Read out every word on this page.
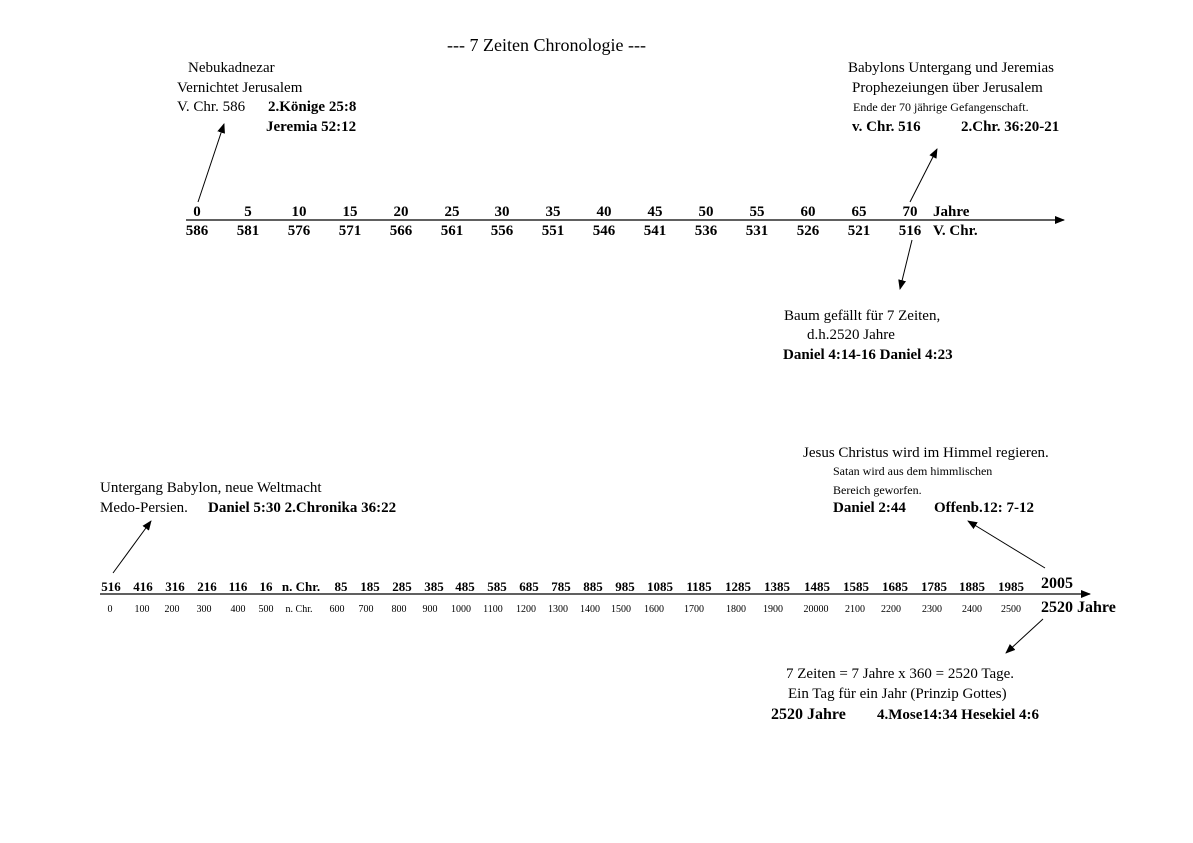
--- 7 Zeiten Chronologie ---
Nebukadnezar
Vernichtet Jerusalem
V. Chr. 586 2.Könige 25:8
Jeremia 52:12
Babylons Untergang und Jeremias
Prophezeiungen über Jerusalem
Ende der 70 jährige Gefangenschaft.
v. Chr. 516	2.Chr. 36:20-21
0	5	10 15 20 25 30 35 40 45 50 55 60 65 70
586 581 576 571 566 561 556 551 546 541 536 531 526 521 516
Jahre
V. Chr.
Baum gefällt für 7 Zeiten,
d.h.2520 Jahre
Daniel 4:14-16 Daniel 4:23
Untergang Babylon, neue Weltmacht
Medo-Persien. Daniel 5:30 2.Chronika 36:22
Jesus Christus wird im Himmel regieren.
Satan wird aus dem himmlischen
Bereich geworfen.
Daniel 2:44 Offenb.12: 7-12
516 416 316 216 116 16 n. Chr. 85 185 285 385 485 585 685 785 885 985 1085 1185 1285 1385 1485 1585 1685 1785 1885 1985
0 100 200 300 400 500 n. Chr. 600 700 800 900 1000 1100 1200 1300 1400 1500 1600 1700 1800 1900 20000 2100 2200 2300 2400 2500
2005
2520 Jahre
7 Zeiten = 7 Jahre x 360 = 2520 Tage.
Ein Tag für ein Jahr (Prinzip Gottes)
2520 Jahre 4.Mose14:34 Hesekiel 4:6
